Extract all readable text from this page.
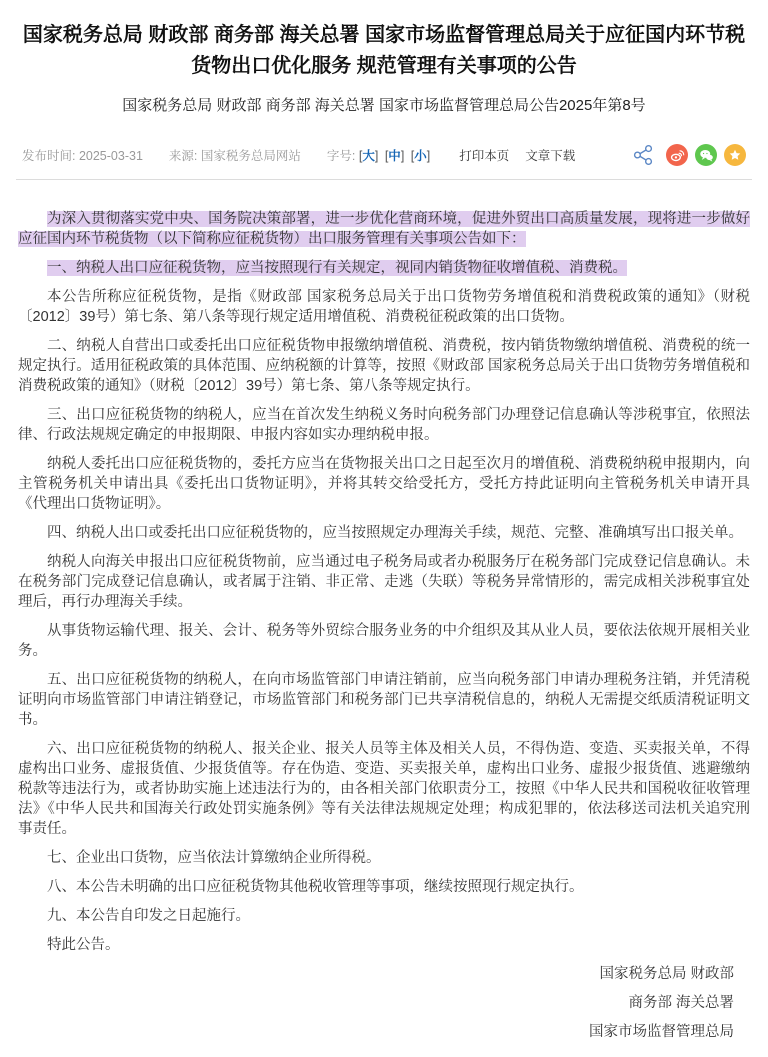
国家税务总局 财政部 商务部 海关总署 国家市场监督管理总局关于应征国内环节税货物出口优化服务 规范管理有关事项的公告
国家税务总局 财政部 商务部 海关总署 国家市场监督管理总局公告2025年第8号
发布时间: 2025-03-31 来源: 国家税务总局网站 字号: [大] [中] [小] 打印本页 文章下载

为深入贯彻落实党中央、国务院决策部署，进一步优化营商环境，促进外贸出口高质量发展，现将进一步做好应征国内环节税货物（以下简称应征税货物）出口服务管理有关事项公告如下：

一、纳税人出口应征税货物，应当按照现行有关规定，视同内销货物征收增值税、消费税。

本公告所称应征税货物，是指《财政部 国家税务总局关于出口货物劳务增值税和消费税政策的通知》（财税〔2012〕39号）第七条、第八条等现行规定适用增值税、消费税征税政策的出口货物。

二、纳税人自营出口或委托出口应征税货物申报缴纳增值税、消费税，按内销货物缴纳增值税、消费税的统一规定执行。适用征税政策的具体范围、应纳税额的计算等，按照《财政部 国家税务总局关于出口货物劳务增值税和消费税政策的通知》（财税〔2012〕39号）第七条、第八条等规定执行。

三、出口应征税货物的纳税人，应当在首次发生纳税义务时向税务部门办理登记信息确认等涉税事宜，依照法律、行政法规规定确定的申报期限、申报内容如实办理纳税申报。

纳税人委托出口应征税货物的，委托方应当在货物报关出口之日起至次月的增值税、消费税纳税申报期内，向主管税务机关申请出具《委托出口货物证明》，并将其转交给受托方，受托方持此证明向主管税务机关申请开具《代理出口货物证明》。

四、纳税人出口或委托出口应征税货物的，应当按照规定办理海关手续，规范、完整、准确填写出口报关单。

纳税人向海关申报出口应征税货物前，应当通过电子税务局或者办税服务厅在税务部门完成登记信息确认。未在税务部门完成登记信息确认，或者属于注销、非正常、走逃（失联）等税务异常情形的，需完成相关涉税事宜处理后，再行办理海关手续。

从事货物运输代理、报关、会计、税务等外贸综合服务业务的中介组织及其从业人员，要依法依规开展相关业务。

五、出口应征税货物的纳税人，在向市场监管部门申请注销前，应当向税务部门申请办理税务注销，并凭清税证明向市场监管部门申请注销登记，市场监管部门和税务部门已共享清税信息的，纳税人无需提交纸质清税证明文书。

六、出口应征税货物的纳税人、报关企业、报关人员等主体及相关人员，不得伪造、变造、买卖报关单，不得虚构出口业务、虚报货值、少报货值等。存在伪造、变造、买卖报关单，虚构出口业务、虚报少报货值、逃避缴纳税款等违法行为，或者协助实施上述违法行为的，由各相关部门依职责分工，按照《中华人民共和国税收征收管理法》《中华人民共和国海关行政处罚实施条例》等有关法律法规规定处理；构成犯罪的，依法移送司法机关追究刑事责任。

七、企业出口货物，应当依法计算缴纳企业所得税。

八、本公告未明确的出口应征税货物其他税收管理等事项，继续按照现行规定执行。

九、本公告自印发之日起施行。

特此公告。

国家税务总局 财政部

商务部 海关总署

国家市场监督管理总局
